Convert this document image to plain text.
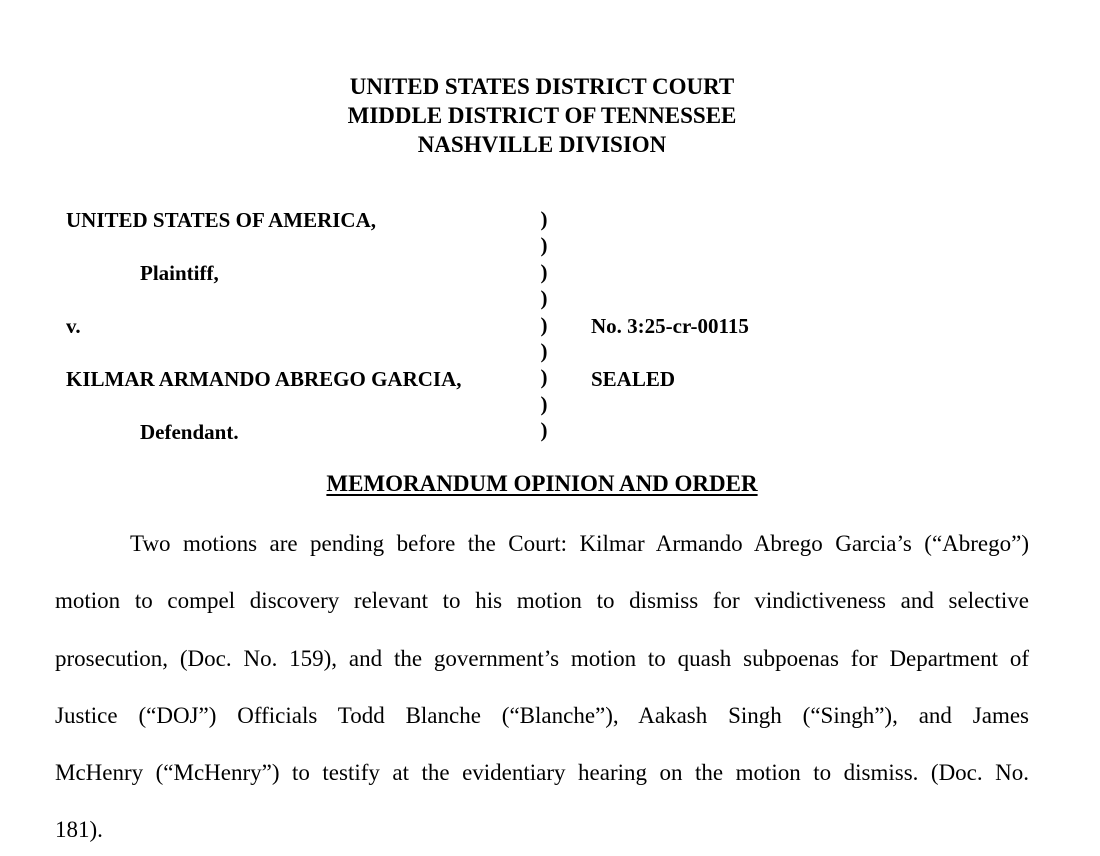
UNITED STATES DISTRICT COURT
MIDDLE DISTRICT OF TENNESSEE
NASHVILLE DIVISION
UNITED STATES OF AMERICA,
Plaintiff,
v.
KILMAR ARMANDO ABREGO GARCIA,
Defendant.
)
)
)
)
)
)
)
)
)
No. 3:25-cr-00115
SEALED
MEMORANDUM OPINION AND ORDER
Two motions are pending before the Court: Kilmar Armando Abrego Garcia’s (“Abrego”)
motion to compel discovery relevant to his motion to dismiss for vindictiveness and selective
prosecution, (Doc. No. 159), and the government’s motion to quash subpoenas for Department of
Justice (“DOJ”) Officials Todd Blanche (“Blanche”), Aakash Singh (“Singh”), and James
McHenry (“McHenry”) to testify at the evidentiary hearing on the motion to dismiss. (Doc. No.
181).
